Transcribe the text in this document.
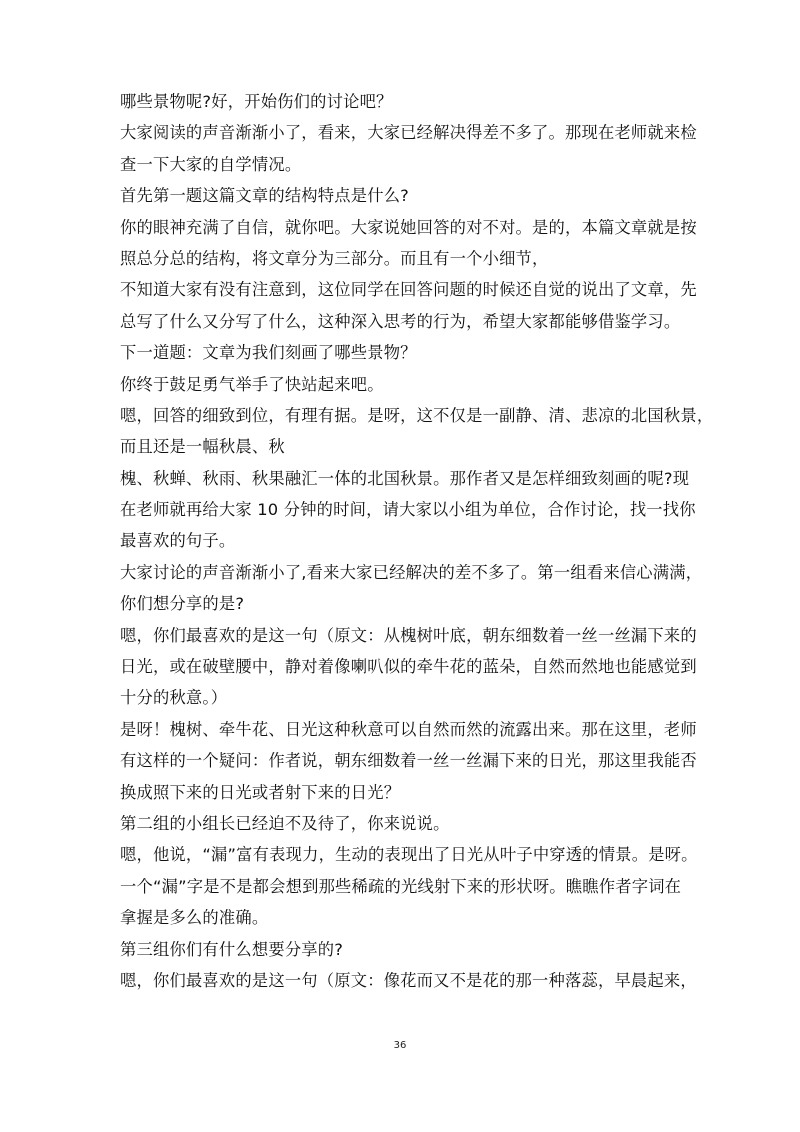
哪些景物呢?好，开始伤们的讨论吧？
大家阅读的声音渐渐小了，看来，大家已经解决得差不多了。那现在老师就来检
查一下大家的自学情况。
首先第一题这篇文章的结构特点是什么?
你的眼神充满了自信，就你吧。大家说她回答的对不对。是的，本篇文章就是按
照总分总的结构，将文章分为三部分。而且有一个小细节，
不知道大家有没有注意到，这位同学在回答问题的时候还自觉的说出了文章，先
总写了什么又分写了什么，这种深入思考的行为，希望大家都能够借鉴学习。
下一道题：文章为我们刻画了哪些景物？
你终于鼓足勇气举手了快站起来吧。
嗯，回答的细致到位，有理有据。是呀，这不仅是一副静、清、悲凉的北国秋景，
而且还是一幅秋晨、秋
槐、秋蝉、秋雨、秋果融汇一体的北国秋景。那作者又是怎样细致刻画的呢?现
在老师就再给大家 10 分钟的时间，请大家以小组为单位，合作讨论，找一找你
最喜欢的句子。
大家讨论的声音渐渐小了,看来大家已经解决的差不多了。第一组看来信心满满，
你们想分享的是?
嗯，你们最喜欢的是这一句（原文：从槐树叶底，朝东细数着一丝一丝漏下来的
日光，或在破壁腰中，静对着像喇叭似的牵牛花的蓝朵，自然而然地也能感觉到
十分的秋意。）
是呀！槐树、牵牛花、日光这种秋意可以自然而然的流露出来。那在这里，老师
有这样的一个疑问：作者说，朝东细数着一丝一丝漏下来的日光，那这里我能否
换成照下来的日光或者射下来的日光？
第二组的小组长已经迫不及待了，你来说说。
嗯，他说，“漏”富有表现力，生动的表现出了日光从叶子中穿透的情景。是呀。
一个“漏”字是不是都会想到那些稀疏的光线射下来的形状呀。瞧瞧作者字词在
拿握是多么的准确。
第三组你们有什么想要分享的?
嗯，你们最喜欢的是这一句（原文：像花而又不是花的那一种落蕊，早晨起来，
36
